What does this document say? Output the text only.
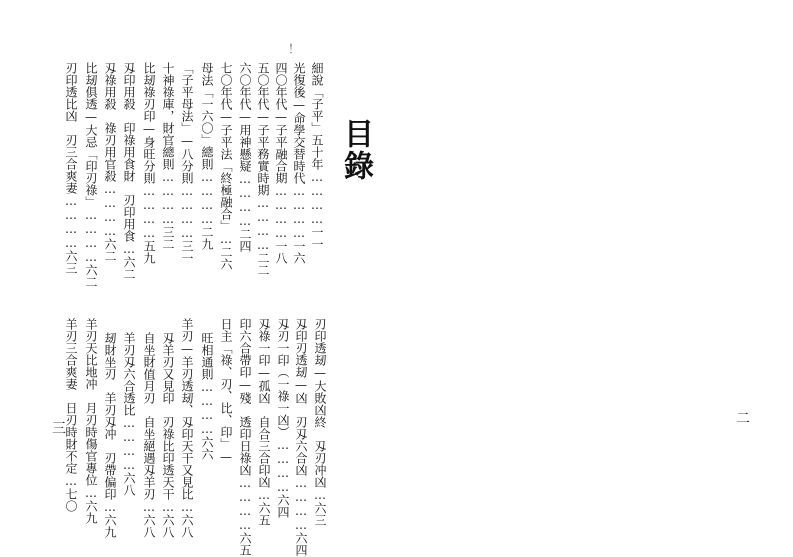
目錄
細說「子平」五十年…………一一
光復後—命學交替時代…………一六
四〇年代—子平融合期…………一八
五〇年代—子平務實時期…………二二
六〇年代—用神懸疑…………二四
七〇年代—子平法「終極融合」…二六
母法「一六〇」總則…………二九
「子平母法」—八分則…………三一
十神祿庫，財官總則…………三二
比刼祿刃印—身旺分則…………五九
刄印用殺　印祿用食財　刃印用食…六二
刄祿用殺　祿刃用官殺…………六二
比刼俱透—大忌「印刃祿」…………六二
刃印透比凶　刃三合爽妻…………六三
刃印透刼—大敗凶終　刄刃冲凶…六三
刄印刃透刼—凶　刃刄六合凶…………六四
刄刃一印（一祿一凶）…………六四
刄祿一印—孤凶　自合三合印凶…六五
印六合帶印—殘　透印日祿凶…………六五
日主「祿、刃、比、印」—
旺相通則…………六六
羊刃—羊刃透刼、刄印天干又見比…六八
刄羊刃又見印　刃祿比印透天干…六八
自坐財值月刃　自坐絕遇刄羊刃…六八
羊刃刄六合透比…………六八
刼財坐刃　羊刃刄冲　刃帶偏印…六九
羊刃天比地冲　月刃時傷官專位…六九
羊刃三合爽妻　日刃時財不定…七〇
三
二
！
